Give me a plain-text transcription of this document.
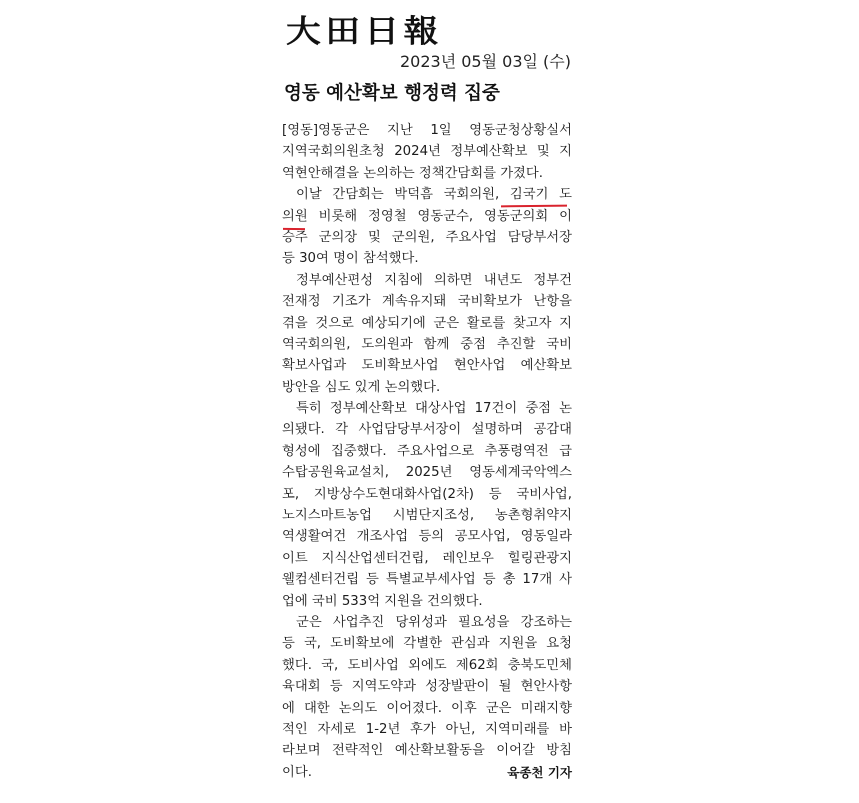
大田日報
2023년 05월 03일 (수)
영동 예산확보 행정력 집중
[영동]영동군은 지난 1일 영동군청상황실서
지역국회의원초청 2024년 정부예산확보 및 지
역현안해결을 논의하는 정책간담회를 가졌다.
이날 간담회는 박덕흠 국회의원, 김국기 도
의원 비롯해 정영철 영동군수, 영동군의회 이
승주 군의장 및 군의원, 주요사업 담당부서장
등 30여 명이 참석했다.
정부예산편성 지침에 의하면 내년도 정부건
전재정 기조가 계속유지돼 국비확보가 난항을
겪을 것으로 예상되기에 군은 활로를 찾고자 지
역국회의원, 도의원과 함께 중점 추진할 국비
확보사업과 도비확보사업 현안사업 예산확보
방안을 심도 있게 논의했다.
특히 정부예산확보 대상사업 17건이 중점 논
의됐다. 각 사업담당부서장이 설명하며 공감대
형성에 집중했다. 주요사업으로 추풍령역전 급
수탑공원육교설치, 2025년 영동세계국악엑스
포, 지방상수도현대화사업(2차) 등 국비사업,
노지스마트농업 시범단지조성, 농촌형취약지
역생활여건 개조사업 등의 공모사업, 영동일라
이트 지식산업센터건립, 레인보우 힐링관광지
웰컴센터건립 등 특별교부세사업 등 총 17개 사
업에 국비 533억 지원을 건의했다.
군은 사업추진 당위성과 필요성을 강조하는
등 국, 도비확보에 각별한 관심과 지원을 요청
했다. 국, 도비사업 외에도 제62회 충북도민체
육대회 등 지역도약과 성장발판이 될 현안사항
에 대한 논의도 이어졌다. 이후 군은 미래지향
적인 자세로 1-2년 후가 아닌, 지역미래를 바
라보며 전략적인 예산확보활동을 이어갈 방침
이다.	육종천 기자
